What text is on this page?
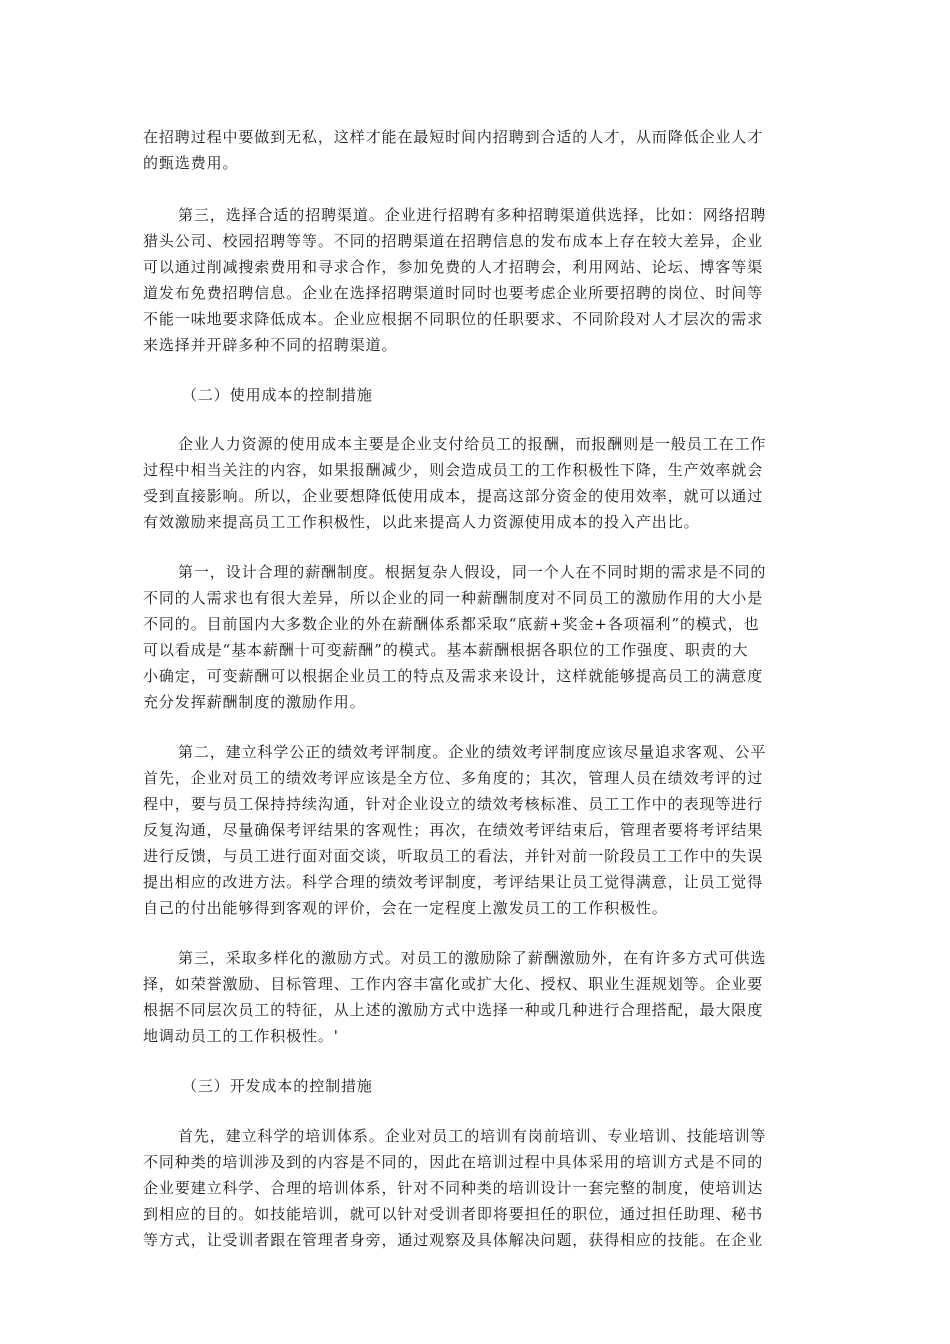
在招聘过程中要做到无私，这样才能在最短时间内招聘到合适的人才，从而降低企业人才
的甄选费用。
第三，选择合适的招聘渠道。企业进行招聘有多种招聘渠道供选择，比如：网络招聘
猎头公司、校园招聘等等。不同的招聘渠道在招聘信息的发布成本上存在较大差异，企业
可以通过削减搜索费用和寻求合作，参加免费的人才招聘会，利用网站、论坛、博客等渠
道发布免费招聘信息。企业在选择招聘渠道时同时也要考虑企业所要招聘的岗位、时间等
不能一味地要求降低成本。企业应根据不同职位的任职要求、不同阶段对人才层次的需求
来选择并开辟多种不同的招聘渠道。
（二）使用成本的控制措施
企业人力资源的使用成本主要是企业支付给员工的报酬，而报酬则是一般员工在工作
过程中相当关注的内容，如果报酬减少，则会造成员工的工作积极性下降，生产效率就会
受到直接影响。所以，企业要想降低使用成本，提高这部分资金的使用效率，就可以通过
有效激励来提高员工工作积极性，以此来提高人力资源使用成本的投入产出比。
第一，设计合理的薪酬制度。根据复杂人假设，同一个人在不同时期的需求是不同的
不同的人需求也有很大差异，所以企业的同一种薪酬制度对不同员工的激励作用的大小是
不同的。目前国内大多数企业的外在薪酬体系都采取“底薪+奖金+各项福利”的模式，也
可以看成是“基本薪酬十可变薪酬”的模式。基本薪酬根据各职位的工作强度、职责的大
小确定，可变薪酬可以根据企业员工的特点及需求来设计，这样就能够提高员工的满意度
充分发挥薪酬制度的激励作用。
第二，建立科学公正的绩效考评制度。企业的绩效考评制度应该尽量追求客观、公平
首先，企业对员工的绩效考评应该是全方位、多角度的；其次，管理人员在绩效考评的过
程中，要与员工保持持续沟通，针对企业设立的绩效考核标准、员工工作中的表现等进行
反复沟通，尽量确保考评结果的客观性；再次，在绩效考评结束后，管理者要将考评结果
进行反馈，与员工进行面对面交谈，听取员工的看法，并针对前一阶段员工工作中的失误
提出相应的改进方法。科学合理的绩效考评制度，考评结果让员工觉得满意，让员工觉得
自己的付出能够得到客观的评价，会在一定程度上激发员工的工作积极性。
第三，采取多样化的激励方式。对员工的激励除了薪酬激励外，在有许多方式可供选
择，如荣誉激励、目标管理、工作内容丰富化或扩大化、授权、职业生涯规划等。企业要
根据不同层次员工的特征，从上述的激励方式中选择一种或几种进行合理搭配，最大限度
地调动员工的工作积极性。'
（三）开发成本的控制措施
首先，建立科学的培训体系。企业对员工的培训有岗前培训、专业培训、技能培训等
不同种类的培训涉及到的内容是不同的，因此在培训过程中具体采用的培训方式是不同的
企业要建立科学、合理的培训体系，针对不同种类的培训设计一套完整的制度，使培训达
到相应的目的。如技能培训，就可以针对受训者即将要担任的职位，通过担任助理、秘书
等方式，让受训者跟在管理者身旁，通过观察及具体解决问题，获得相应的技能。在企业
